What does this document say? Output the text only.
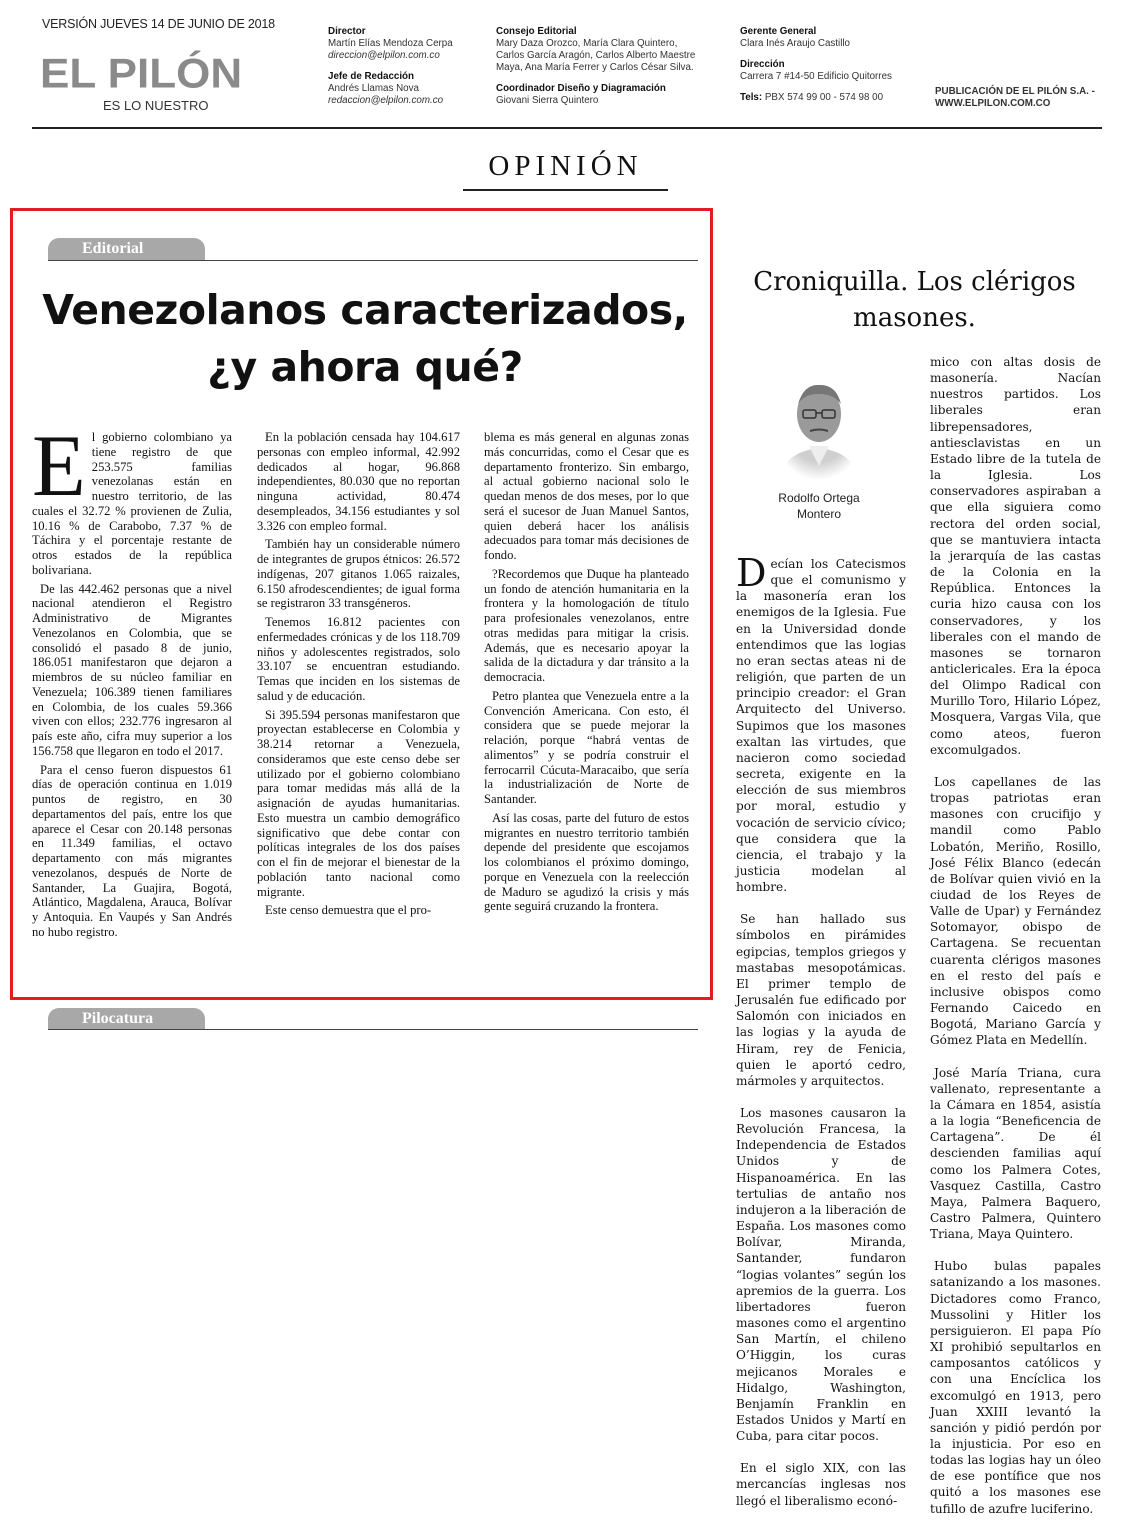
VERSIÓN JUEVES 14 DE JUNIO DE 2018
EL PILÓN
ES LO NUESTRO
Director
Martín Elías Mendoza Cerpa
direccion@elpilon.com.co
Jefe de Redacción
Andrés Llamas Nova
redaccion@elpilon.com.co
Consejo Editorial
Mary Daza Orozco, María Clara Quintero,
Carlos García Aragón, Carlos Alberto Maestre
Maya, Ana María Ferrer y Carlos César Silva.
Coordinador Diseño y Diagramación
Giovani Sierra Quintero
Gerente General
Clara Inés Araujo Castillo
Dirección
Carrera 7 #14-50 Edificio Quitorres
Tels: PBX 574 99 00 - 574 98 00
PUBLICACIÓN DE EL PILÓN S.A. -
WWW.ELPILON.COM.CO
OPINIÓN
Editorial
Venezolanos caracterizados,
¿y ahora qué?

El gobierno colombiano ya tiene registro de que 253.575 familias venezolanas están en nuestro territorio, de las cuales el 32.72 % provienen de Zulia, 10.16 % de Carabobo, 7.37 % de Táchira y el porcentaje restante de otros estados de la república bolivariana.

De las 442.462 personas que a nivel nacional atendieron el Registro Administrativo de Migrantes Venezolanos en Colombia, que se consolidó el pasado 8 de junio, 186.051 manifestaron que dejaron a miembros de su núcleo familiar en Venezuela; 106.389 tienen familiares en Colombia, de los cuales 59.366 viven con ellos; 232.776 ingresaron al país este año, cifra muy superior a los 156.758 que llegaron en todo el 2017.

Para el censo fueron dispuestos 61 días de operación continua en 1.019 puntos de registro, en 30 departamentos del país, entre los que aparece el Cesar con 20.148 personas en 11.349 familias, el octavo departamento con más migrantes venezolanos, después de Norte de Santander, La Guajira, Bogotá, Atlántico, Magdalena, Arauca, Bolívar y Antoquia. En Vaupés y San Andrés no hubo registro.

En la población censada hay 104.617 personas con empleo informal, 42.992 dedicados al hogar, 96.868 independientes, 80.030 que no reportan ninguna actividad, 80.474 desempleados, 34.156 estudiantes y sol 3.326 con empleo formal.

También hay un considerable número de integrantes de grupos étnicos: 26.572 indígenas, 207 gitanos 1.065 raizales, 6.150 afrodescendientes; de igual forma se registraron 33 transgéneros.

Tenemos 16.812 pacientes con enfermedades crónicas y de los 118.709 niños y adolescentes registrados, solo 33.107 se encuentran estudiando. Temas que inciden en los sistemas de salud y de educación.

Si 395.594 personas manifestaron que proyectan establecerse en Colombia y 38.214 retornar a Venezuela, consideramos que este censo debe ser utilizado por el gobierno colombiano para tomar medidas más allá de la asignación de ayudas humanitarias. Esto muestra un cambio demográfico significativo que debe contar con políticas integrales de los dos países con el fin de mejorar el bienestar de la población tanto nacional como migrante.

Este censo demuestra que el pro-

blema es más general en algunas zonas más concurridas, como el Cesar que es departamento fronterizo. Sin embargo, al actual gobierno nacional solo le quedan menos de dos meses, por lo que será el sucesor de Juan Manuel Santos, quien deberá hacer los análisis adecuados para tomar más decisiones de fondo.

?Recordemos que Duque ha planteado un fondo de atención humanitaria en la frontera y la homologación de título para profesionales venezolanos, entre otras medidas para mitigar la crisis. Además, que es necesario apoyar la salida de la dictadura y dar tránsito a la democracia.

Petro plantea que Venezuela entre a la Convención Americana. Con esto, él considera que se puede mejorar la relación, porque “habrá ventas de alimentos” y se podría construir el ferrocarril Cúcuta-Maracaibo, que sería la industrialización de Norte de Santander.

Así las cosas, parte del futuro de estos migrantes en nuestro territorio también depende del presidente que escojamos los colombianos el próximo domingo, porque en Venezuela con la reelección de Maduro se agudizó la crisis y más gente seguirá cruzando la frontera.

Pilocatura
Croniquilla. Los clérigos
masones.
Rodolfo Ortega
Montero

Decían los Catecismos que el comunismo y la masonería eran los enemigos de la Iglesia. Fue en la Universidad donde entendimos que las logias no eran sectas ateas ni de religión, que parten de un principio creador: el Gran Arquitecto del Universo. Supimos que los masones exaltan las virtudes, que nacieron como sociedad secreta, exigente en la elección de sus miembros por moral, estudio y vocación de servicio cívico; que considera que la ciencia, el trabajo y la justicia modelan al hombre.

Se han hallado sus símbolos en pirámides egipcias, templos griegos y mastabas mesopotámicas. El primer templo de Jerusalén fue edificado por Salomón con iniciados en las logias y la ayuda de Hiram, rey de Fenicia, quien le aportó cedro, mármoles y arquitectos.

Los masones causaron la Revolución Francesa, la Independencia de Estados Unidos y de Hispanoamérica. En las tertulias de antaño nos indujeron a la liberación de España. Los masones como Bolívar, Miranda, Santander, fundaron “logias volantes” según los apremios de la guerra. Los libertadores fueron masones como el argentino San Martín, el chileno O’Higgin, los curas mejicanos Morales e Hidalgo, Washington, Benjamín Franklin en Estados Unidos y Martí en Cuba, para citar pocos.

En el siglo XIX, con las mercancías inglesas nos llegó el liberalismo econó-

mico con altas dosis de masonería. Nacían nuestros partidos. Los liberales eran librepensadores, antiesclavistas en un Estado libre de la tutela de la Iglesia. Los conservadores aspiraban a que ella siguiera como rectora del orden social, que se mantuviera intacta la jerarquía de las castas de la Colonia en la República. Entonces la curia hizo causa con los conservadores, y los liberales con el mando de masones se tornaron anticlericales. Era la época del Olimpo Radical con Murillo Toro, Hilario López, Mosquera, Vargas Vila, que como ateos, fueron excomulgados.

Los capellanes de las tropas patriotas eran masones con crucifijo y mandil como Pablo Lobatón, Meriño, Rosillo, José Félix Blanco (edecán de Bolívar quien vivió en la ciudad de los Reyes de Valle de Upar) y Fernández Sotomayor, obispo de Cartagena. Se recuentan cuarenta clérigos masones en el resto del país e inclusive obispos como Fernando Caicedo en Bogotá, Mariano García y Gómez Plata en Medellín.

José María Triana, cura vallenato, representante a la Cámara en 1854, asistía a la logia “Beneficencia de Cartagena”. De él descienden familias aquí como los Palmera Cotes, Vasquez Castilla, Castro Maya, Palmera Baquero, Castro Palmera, Quintero Triana, Maya Quintero.

Hubo bulas papales satanizando a los masones. Dictadores como Franco, Mussolini y Hitler los persiguieron. El papa Pío XI prohibió sepultarlos en camposantos católicos y con una Encíclica los excomulgó en 1913, pero Juan XXIII levantó la sanción y pidió perdón por la injusticia. Por eso en todas las logias hay un óleo de ese pontífice que nos quitó a los masones ese tufillo de azufre luciferino.
